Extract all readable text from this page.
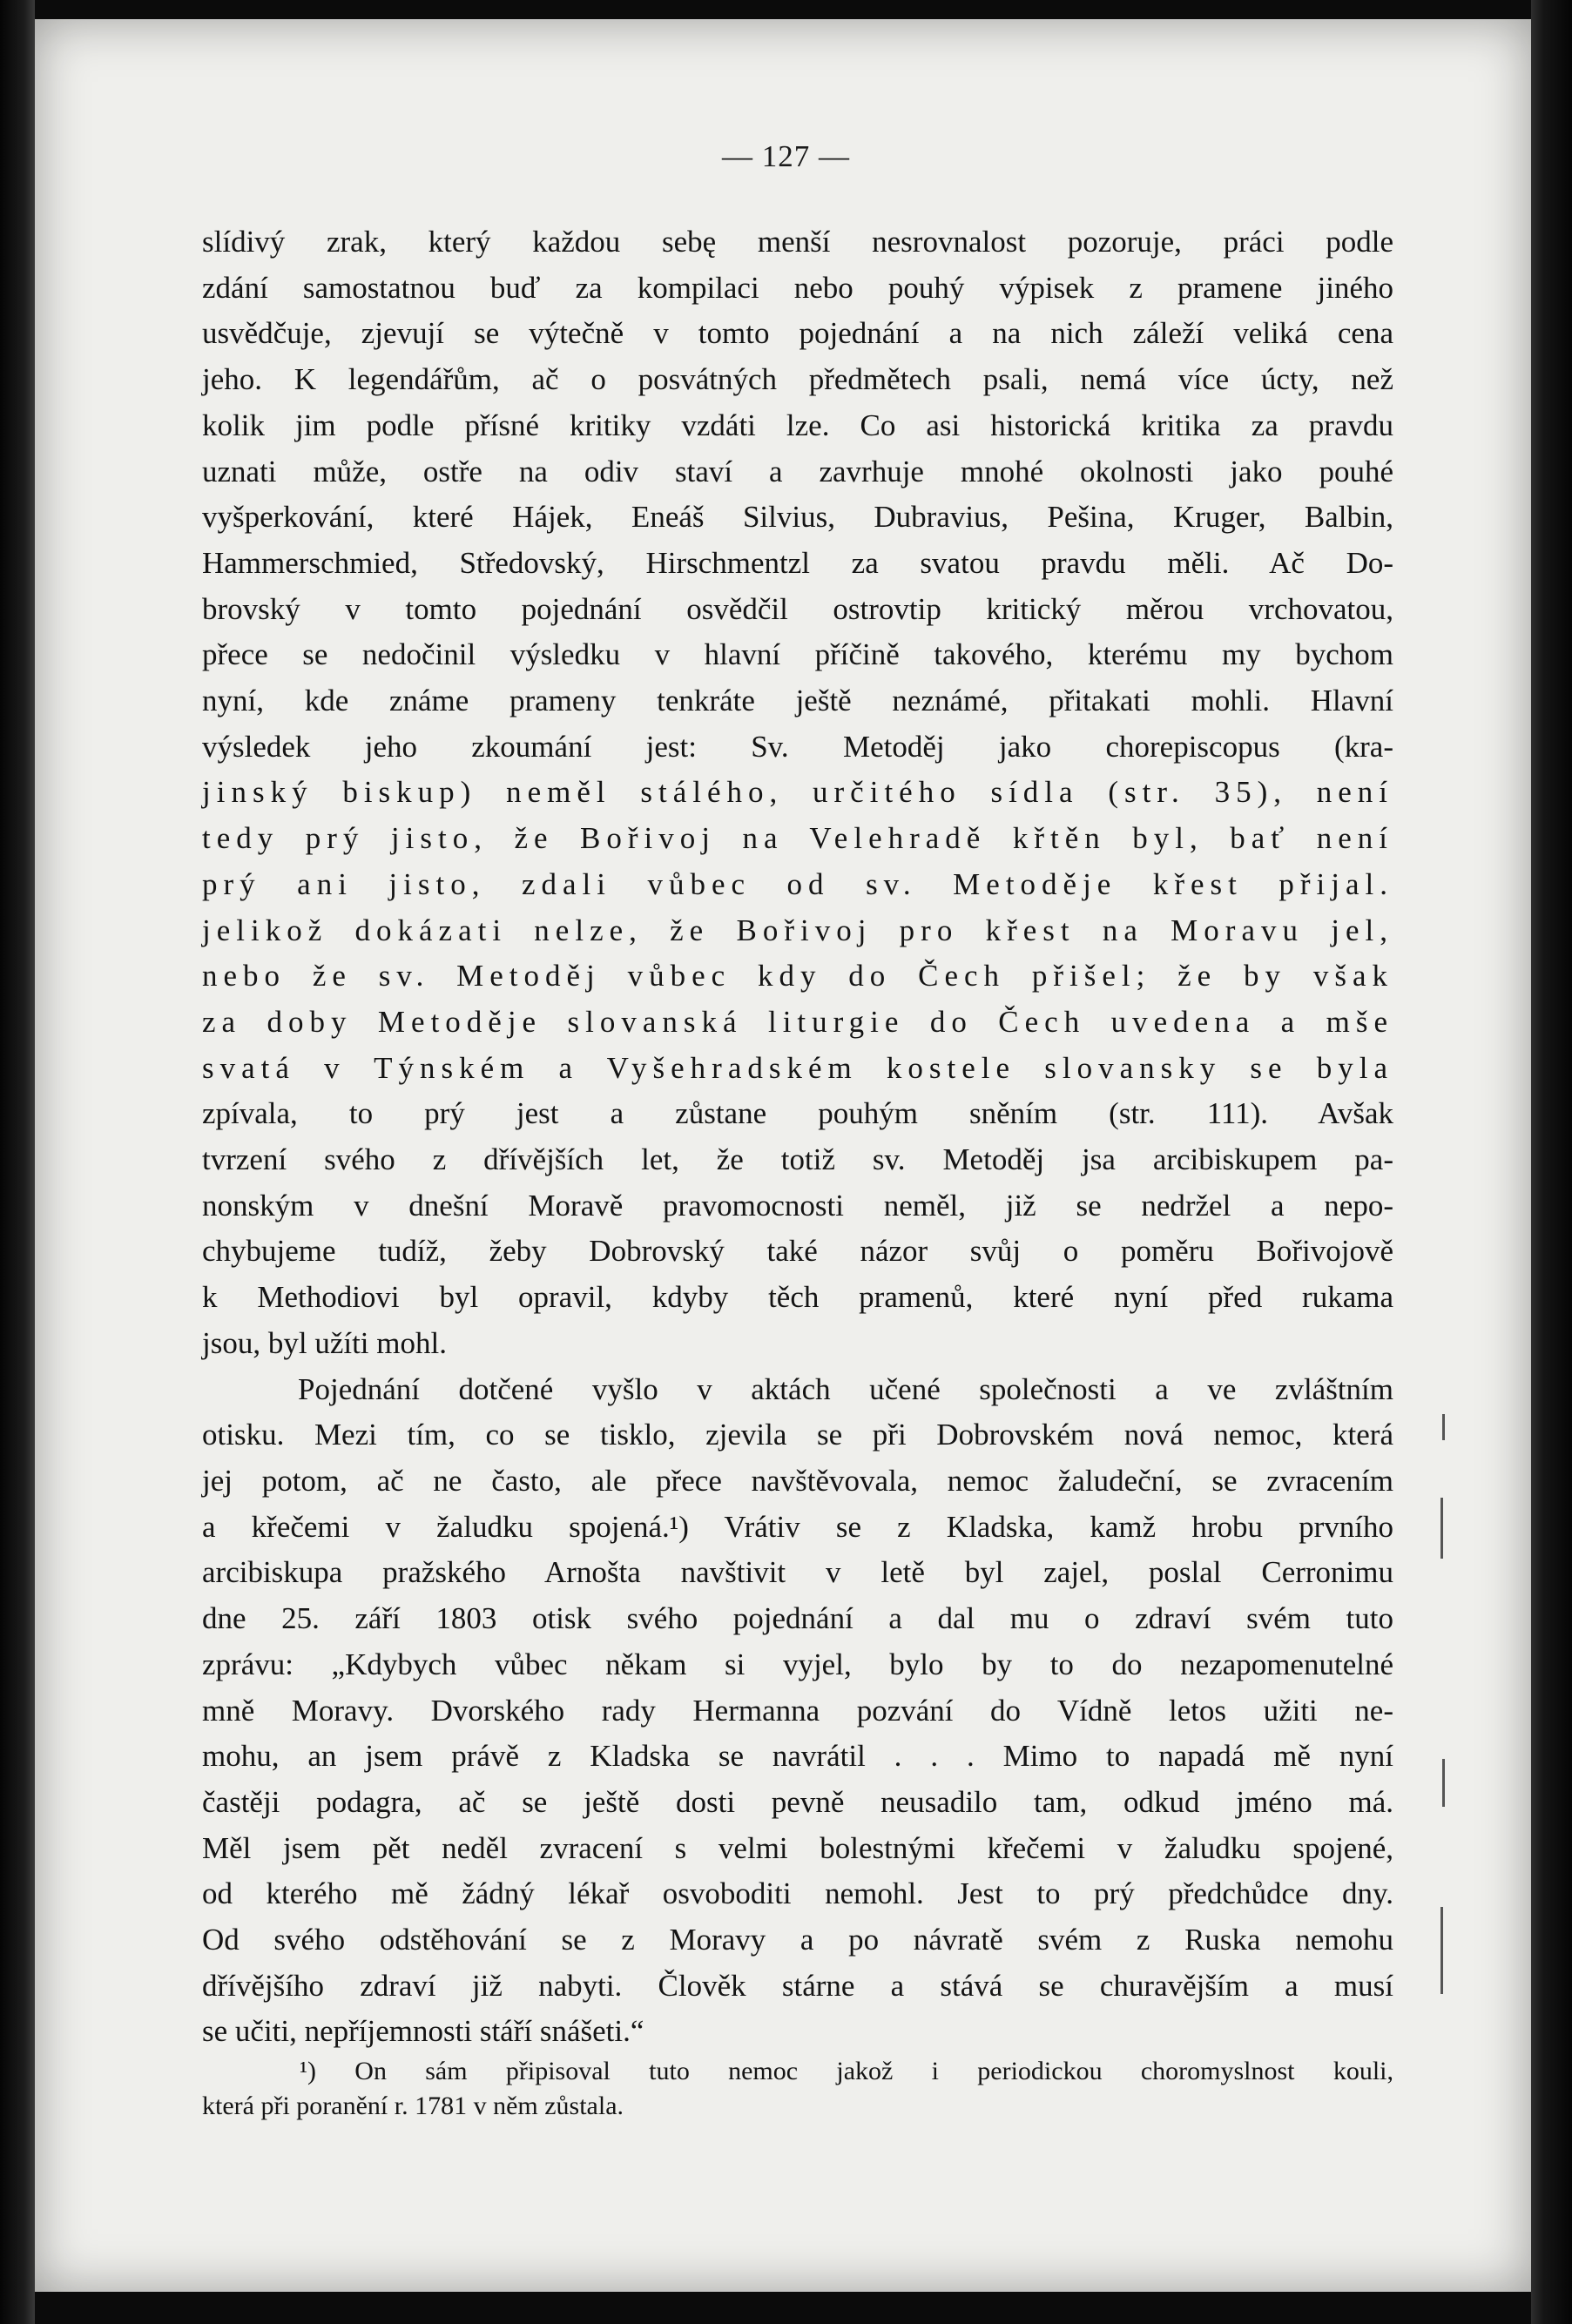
— 127 —
slídivý zrak, který každou sebę menší nesrovnalost pozoruje, práci podle
zdání samostatnou buď za kompilaci nebo pouhý výpisek z pramene jiného
usvědčuje, zjevují se výtečně v tomto pojednání a na nich záleží veliká cena
jeho. K legendářům, ač o posvátných předmětech psali, nemá více úcty, než
kolik jim podle přísné kritiky vzdáti lze. Co asi historická kritika za pravdu
uznati může, ostře na odiv staví a zavrhuje mnohé okolnosti jako pouhé
vyšperkování, které Hájek, Eneáš Silvius, Dubravius, Pešina, Kruger, Balbin,
Hammerschmied, Středovský, Hirschmentzl za svatou pravdu měli. Ač Do-
brovský v tomto pojednání osvědčil ostrovtip kritický měrou vrchovatou,
přece se nedočinil výsledku v hlavní příčině takového, kterému my bychom
nyní, kde známe prameny tenkráte ještě neznámé, přitakati mohli. Hlavní
výsledek jeho zkoumání jest: Sv. Metoděj jako chorepiscopus (kra-
jinský biskup) neměl stálého, určitého sídla (str. 35), není
tedy prý jisto, že Bořivoj na Velehradě křtěn byl, bať není
prý ani jisto, zdali vůbec od sv. Metoděje křest přijal.
jelikož dokázati nelze, že Bořivoj pro křest na Moravu jel,
nebo že sv. Metoděj vůbec kdy do Čech přišel; že by však
za doby Metoděje slovanská liturgie do Čech uvedena a mše
svatá v Týnském a Vyšehradském kostele slovansky se byla
zpívala, to prý jest a zůstane pouhým sněním (str. 111). Avšak
tvrzení svého z dřívějších let, že totiž sv. Metoděj jsa arcibiskupem pa-
nonským v dnešní Moravě pravomocnosti neměl, již se nedržel a nepo-
chybujeme tudíž, žeby Dobrovský také názor svůj o poměru Bořivojově
k Methodiovi byl opravil, kdyby těch pramenů, které nyní před rukama
jsou, byl užíti mohl.
Pojednání dotčené vyšlo v aktách učené společnosti a ve zvláštním
otisku. Mezi tím, co se tisklo, zjevila se při Dobrovském nová nemoc, která
jej potom, ač ne často, ale přece navštěvovala, nemoc žaludeční, se zvracením
a křečemi v žaludku spojená.¹) Vrátiv se z Kladska, kamž hrobu prvního
arcibiskupa pražského Arnošta navštivit v letě byl zajel, poslal Cerronimu
dne 25. září 1803 otisk svého pojednání a dal mu o zdraví svém tuto
zprávu: „Kdybych vůbec někam si vyjel, bylo by to do nezapomenutelné
mně Moravy. Dvorského rady Hermanna pozvání do Vídně letos užiti ne-
mohu, an jsem právě z Kladska se navrátil . . . Mimo to napadá mě nyní
častěji podagra, ač se ještě dosti pevně neusadilo tam, odkud jméno má.
Měl jsem pět neděl zvracení s velmi bolestnými křečemi v žaludku spojené,
od kterého mě žádný lékař osvoboditi nemohl. Jest to prý předchůdce dny.
Od svého odstěhování se z Moravy a po návratě svém z Ruska nemohu
dřívějšího zdraví již nabyti. Člověk stárne a stává se churavějším a musí
se učiti, nepříjemnosti stáří snášeti.“
¹) On sám připisoval tuto nemoc jakož i periodickou choromyslnost kouli,
která při poranění r. 1781 v něm zůstala.
